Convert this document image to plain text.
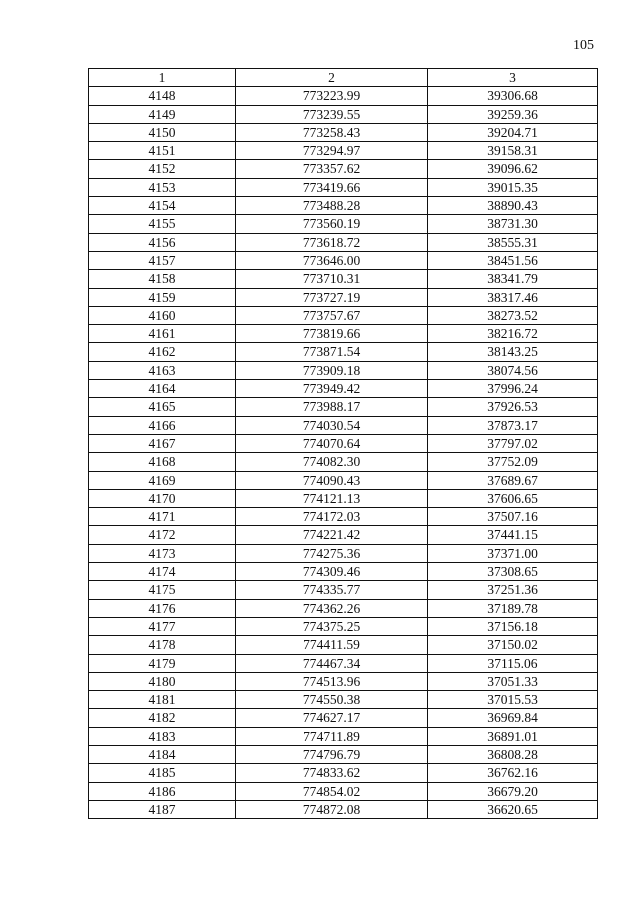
105
1	2	3
4148	773223.99	39306.68
4149	773239.55	39259.36
4150	773258.43	39204.71
4151	773294.97	39158.31
4152	773357.62	39096.62
4153	773419.66	39015.35
4154	773488.28	38890.43
4155	773560.19	38731.30
4156	773618.72	38555.31
4157	773646.00	38451.56
4158	773710.31	38341.79
4159	773727.19	38317.46
4160	773757.67	38273.52
4161	773819.66	38216.72
4162	773871.54	38143.25
4163	773909.18	38074.56
4164	773949.42	37996.24
4165	773988.17	37926.53
4166	774030.54	37873.17
4167	774070.64	37797.02
4168	774082.30	37752.09
4169	774090.43	37689.67
4170	774121.13	37606.65
4171	774172.03	37507.16
4172	774221.42	37441.15
4173	774275.36	37371.00
4174	774309.46	37308.65
4175	774335.77	37251.36
4176	774362.26	37189.78
4177	774375.25	37156.18
4178	774411.59	37150.02
4179	774467.34	37115.06
4180	774513.96	37051.33
4181	774550.38	37015.53
4182	774627.17	36969.84
4183	774711.89	36891.01
4184	774796.79	36808.28
4185	774833.62	36762.16
4186	774854.02	36679.20
4187	774872.08	36620.65
